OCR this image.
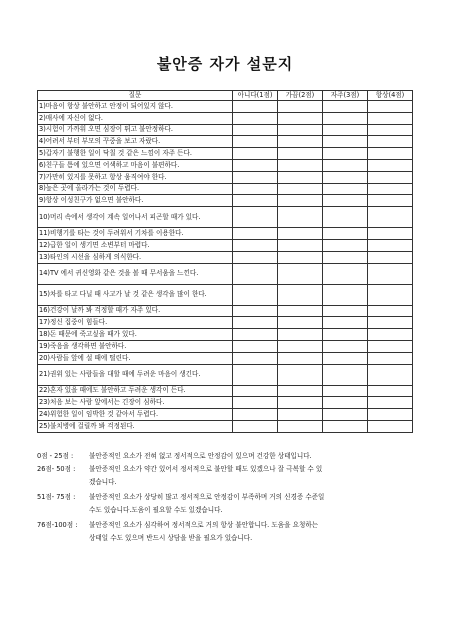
불안증 자가 설문지
질문	아니다(1점)	가끔(2점)	자주(3점)	항상(4점)
1)마음이 항상 불안하고 안정이 되어있지 않다.				
2)매사에 자신이 없다.				
3)시험이 가까워 오면 심장이 뛰고 불안정하다.				
4)어려서 부터 부모의 꾸중을 보고 자랐다.				
5)갑자기 불행한 일이 닥칠 것 같은 느낌이 자주 든다.				
6)친구들 틈에 있으면 어색하고 마음이 불편하다.				
7)가만히 있지를 못하고 항상 움직여야 한다.				
8)높은 곳에 올라가는 것이 두렵다.				
9)항상 이성친구가 없으면 불안하다.				
10)머리 속에서 생각이 계속 일어나서 피곤할 때가 있다.				
11)비행기를 타는 것이 두려워서 기차를 이용한다.				
12)급한 일이 생기면 소변부터 마렵다.				
13)타인의 시선을 심하게 의식한다.				
14)TV 에서 귀신영화 같은 것을 볼 때 무서움을 느낀다.				
15)차를 타고 다닐 때 사고가 날 것 같은 생각을 많이 한다.				
16)건강이 날까 봐 걱정할 때가 자주 있다.				
17)정신 집중이 힘들다.				
18)돈 때문에 죽고싶을 때가 있다.				
19)죽음을 생각하면 불안하다.				
20)사람들 앞에 설 때에 떨린다.				
21)권위 있는 사람들을 대할 때에 두려운 마음이 생긴다.				
22)혼자 있을 때에도 불안하고 두려운 생각이 든다.				
23)처음 보는 사람 앞에서는 긴장이 심하다.				
24)위험한 일이 임박한 것 같아서 두렵다.				
25)불치병에 걸릴까 봐 걱정된다.				
0점 - 25점 : 불안증적인 요소가 전혀 없고 정서적으로 안정감이 있으며 건강한 상태입니다.
26점- 50점 : 불안증적인 요소가 약간 있어서 정서적으로 불안할 때도 있겠으나 잘 극복할 수 있
겠습니다.
51점- 75점 : 불안증적인 요소가 상당히 많고 정서적으로 안정감이 부족하며 거의 신경증 수준일
수도 있습니다.도움이 필요할 수도 있겠습니다.
76점-100점 : 불안증적인 요소가 심각하여 정서적으로 거의 항상 불안합니다. 도움을 요청하는
상태일 수도 있으며 반드시 상담을 받을 필요가 있습니다.
